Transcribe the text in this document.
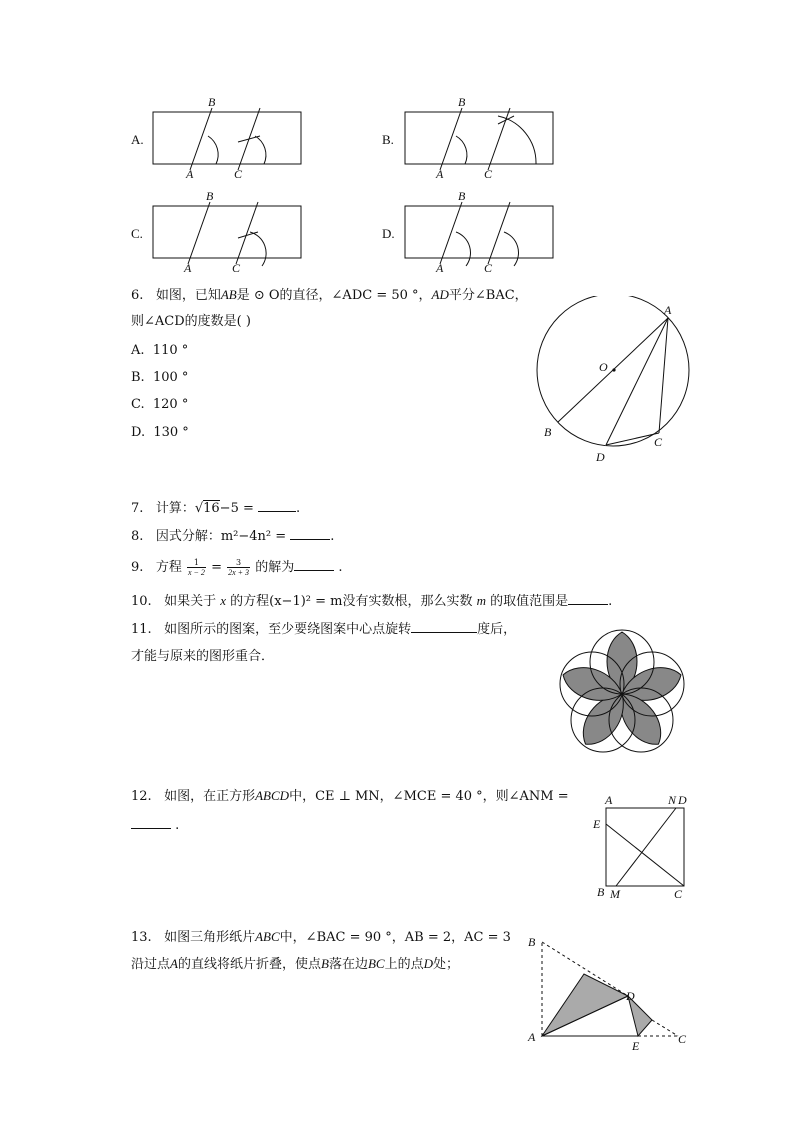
A.
B
A	C
B.
B
A	C
C.
B
A	C
D.
B
A	C
6. 如图，已知AB是 ⊙ O的直径，∠ADC = 50 °，AD平分∠BAC，
则∠ACD的度数是( )
A. 110 °
B. 100 °
C. 120 °
D. 130 °
A
O
B
D
C
7. 计算：√16−5 =	.
8. 因式分解：m²−4n² =	.
9. 方程 $\frac{1}{x - 2} = \frac{3}{2x + 3}$ 的解为	.
10. 如果关于 x 的方程(x−1)² = m没有实数根，那么实数 m 的取值范围是	.
11. 如图所示的图案，至少要绕图案中心点旋转	度后，
才能与原来的图形重合．
12. 如图，在正方形ABCD中，CE ⊥ MN，∠MCE = 40 °，则∠ANM =
.
A	N D
E
B M	C
13. 如图三角形纸片ABC中，∠BAC = 90 °，AB = 2，AC = 3
沿过点A的直线将纸片折叠，使点B落在边BC上的点D处；
B
D
A
E	C
